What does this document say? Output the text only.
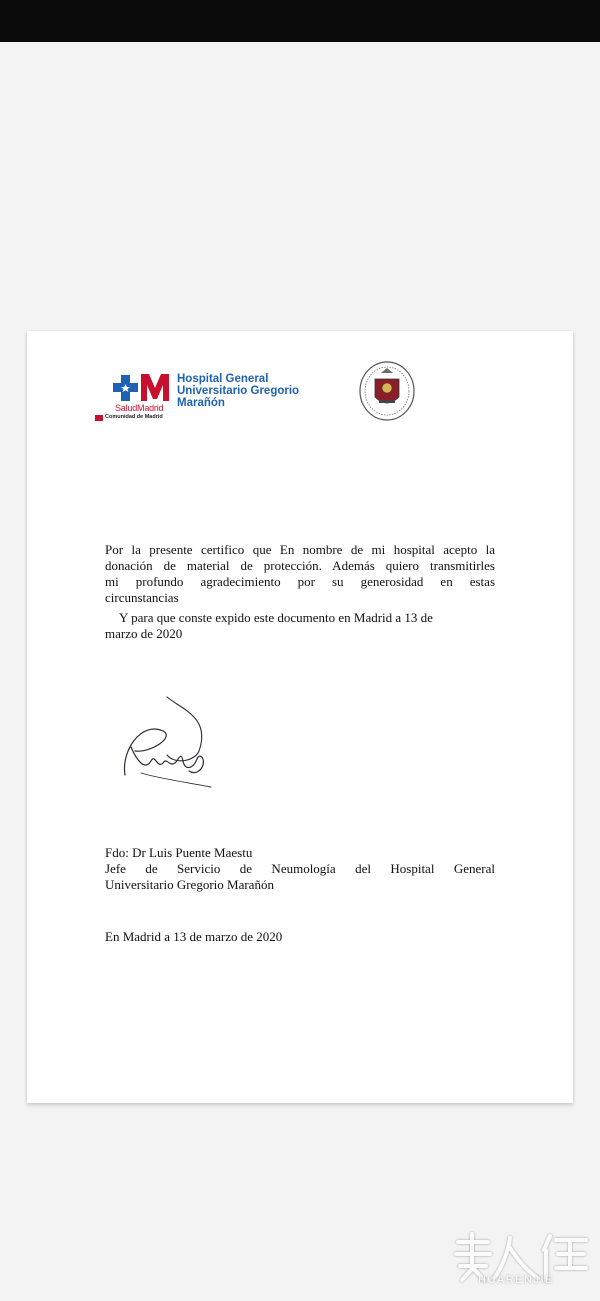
SaludMadrid
Hospital General Universitario Gregorio Marañón
Comunidad de Madrid
Por la presente certifico que En nombre de mi hospital acepto la
donación de material de protección. Además quiero transmitirles
mi profundo agradecimiento por su generosidad en estas
circunstancias
Y para que conste expido este documento en Madrid a 13 de
marzo de 2020
Fdo: Dr Luis Puente Maestu
Jefe de Servicio de Neumología del Hospital General
Universitario Gregorio Marañón
En Madrid a 13 de marzo de 2020
HUARENJIE
